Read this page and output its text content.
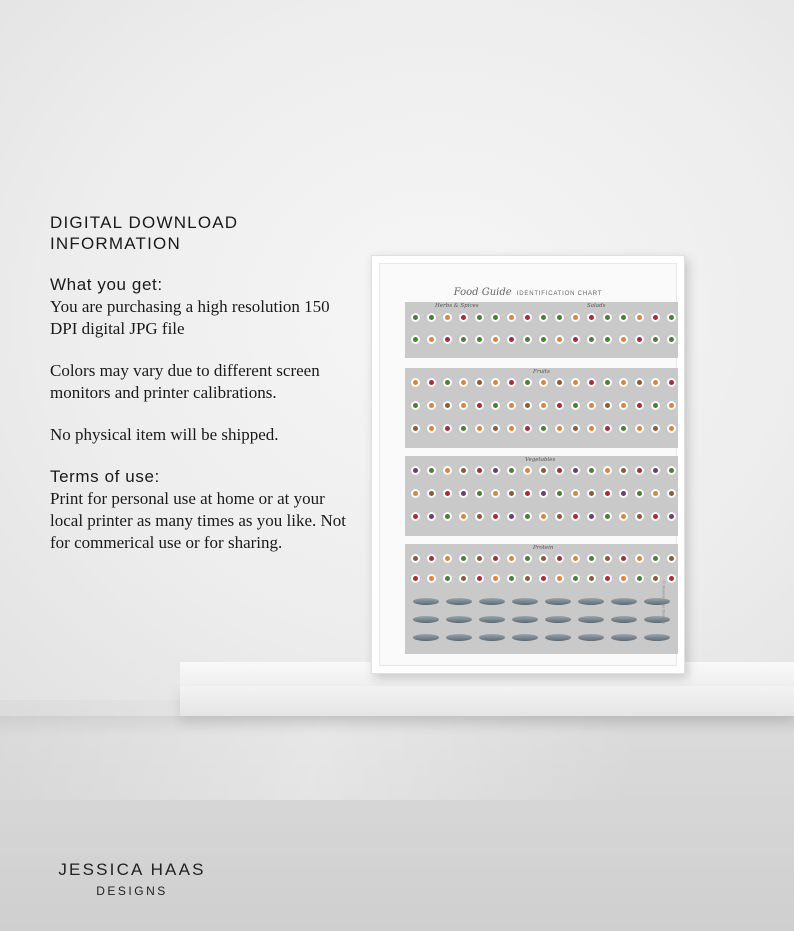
DIGITAL DOWNLOAD
INFORMATION
What you get:

You are purchasing a high resolution 150 DPI digital JPG file

Colors may vary due to different screen monitors and printer calibrations.

No physical item will be shipped.

Terms of use:

Print for personal use at home or at your local printer as many times as you like. Not for commerical use or for sharing.

JESSICA HAAS
DESIGNS
Food Guide IDENTIFICATION CHART
Herbs & Spices	Salads
Fruits
Vegetables
Protein
© Jessica Haas Designs
